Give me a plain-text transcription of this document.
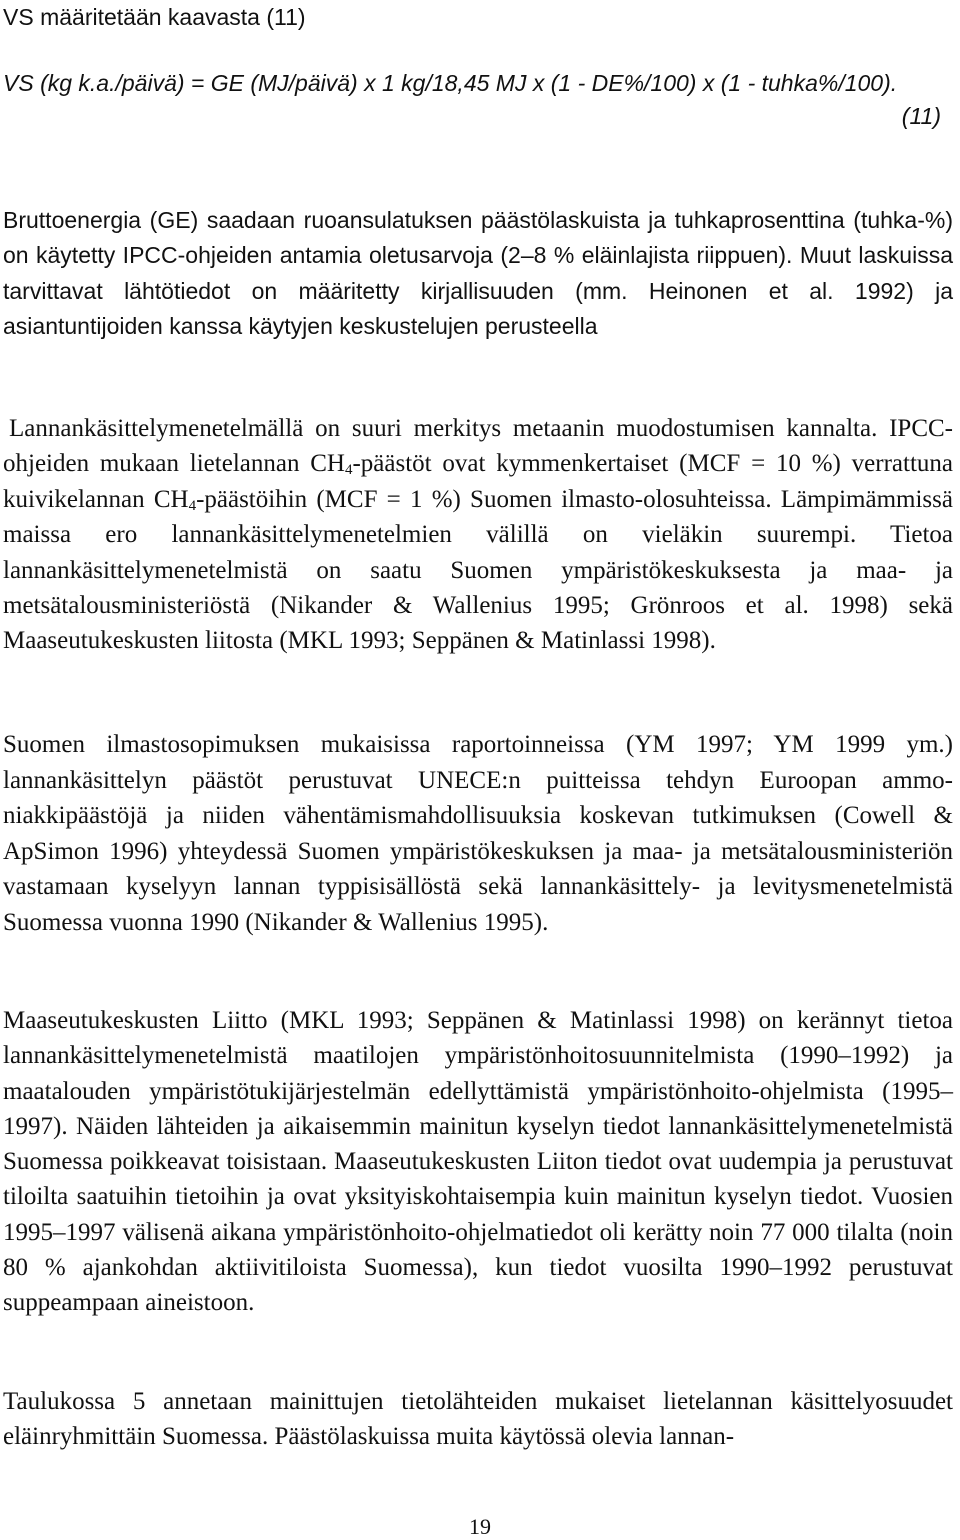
VS määritetään kaavasta (11)

VS (kg k.a./päivä) = GE (MJ/päivä) x 1 kg/18,45 MJ x (1 - DE%/100) x (1 - tuhka%/100).
(11)

Bruttoenergia (GE) saadaan ruoansulatuksen päästölaskuista ja tuhkaprosenttina (tuhka-%) on käytetty IPCC-ohjeiden antamia oletusarvoja (2–8 % eläinlajista riippuen). Muut laskuissa tarvittavat lähtötiedot on määritetty kirjallisuuden (mm. Heinonen et al. 1992) ja asiantuntijoiden kanssa käytyjen keskustelujen perusteella

Lannankäsittelymenetelmällä on suuri merkitys metaanin muodostumisen kannalta. IPCC-ohjeiden mukaan lietelannan $CH_4$-päästöt ovat kymmenkertaiset (MCF = 10 %) verrattuna kuivikelannan $CH_4$-päästöihin (MCF = 1 %) Suomen ilmasto-olosuhteissa. Lämpimämmissä maissa ero lannankäsittelymenetelmien välillä on vieläkin suurempi. Tietoa lannankäsittelymenetelmistä on saatu Suomen ympäristökeskuksesta ja maa- ja metsätalousministeriöstä (Nikander & Wallenius 1995; Grönroos et al. 1998) sekä Maaseutukeskusten liitosta (MKL 1993; Seppänen & Matinlassi 1998).

Suomen ilmastosopimuksen mukaisissa raportoinneissa (YM 1997; YM 1999 ym.) lannankäsittelyn päästöt perustuvat UNECE:n puitteissa tehdyn Euroopan ammoniakkipäästöjä ja niiden vähentämismahdollisuuksia koskevan tutkimuksen (Cowell & ApSimon 1996) yhteydessä Suomen ympäristökeskuksen ja maa- ja metsätalousministeriön vastamaan kyselyyn lannan typpisisällöstä sekä lannankäsittely- ja levitysmenetelmistä Suomessa vuonna 1990 (Nikander & Wallenius 1995).

Maaseutukeskusten Liitto (MKL 1993; Seppänen & Matinlassi 1998) on kerännyt tietoa lannankäsittelymenetelmistä maatilojen ympäristönhoitosuunnitelmista (1990–1992) ja maatalouden ympäristötukijärjestelmän edellyttämistä ympäristönhoito-ohjelmista (1995–1997). Näiden lähteiden ja aikaisemmin mainitun kyselyn tiedot lannankäsittelymenetelmistä Suomessa poikkeavat toisistaan. Maaseutukeskusten Liiton tiedot ovat uudempia ja perustuvat tiloilta saatuihin tietoihin ja ovat yksityiskohtaisempia kuin mainitun kyselyn tiedot. Vuosien 1995–1997 välisenä aikana ympäristönhoito-ohjelmatiedot oli kerätty noin 77 000 tilalta (noin 80 % ajankohdan aktiivitiloista Suomessa), kun tiedot vuosilta 1990–1992 perustuvat suppeampaan aineistoon.

Taulukossa 5 annetaan mainittujen tietolähteiden mukaiset lietelannan käsittelyosuudet eläinryhmittäin Suomessa. Päästölaskuissa muita käytössä olevia lannan-

19
